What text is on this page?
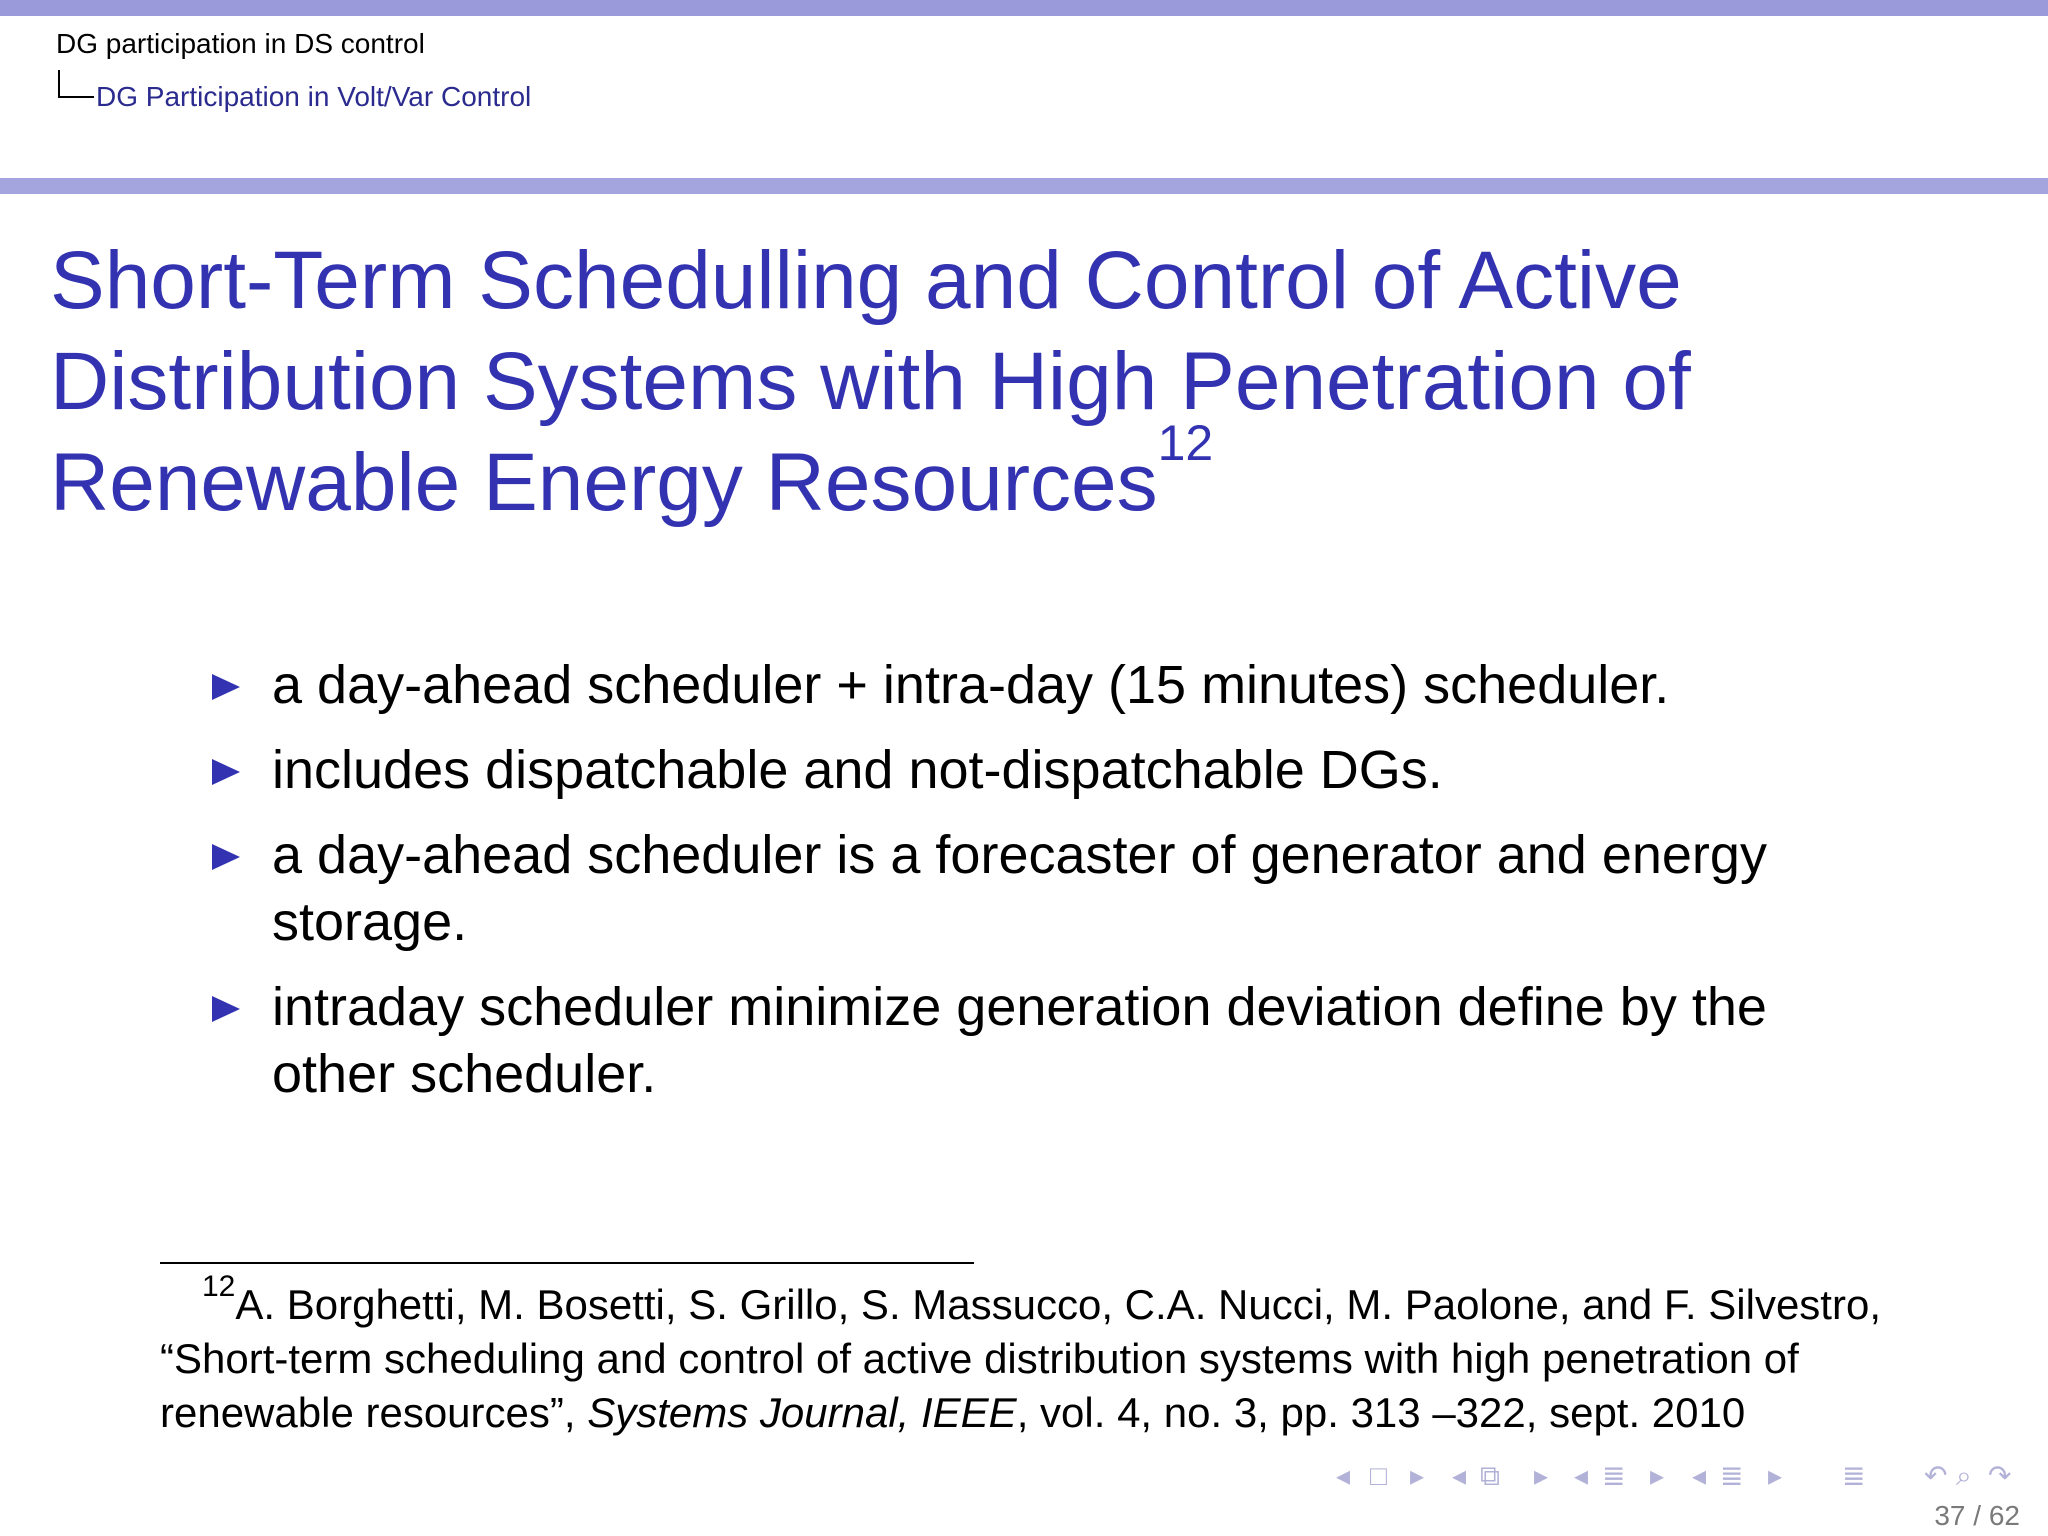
DG participation in DS control
DG Participation in Volt/Var Control
Short-Term Schedulling and Control of Active Distribution Systems with High Penetration of Renewable Energy Resources$^{12}$
a day-ahead scheduler + intra-day (15 minutes) scheduler.
includes dispatchable and not-dispatchable DGs.
a day-ahead scheduler is a forecaster of generator and energy storage.
intraday scheduler minimize generation deviation define by the other scheduler.
$^{12}$A. Borghetti, M. Bosetti, S. Grillo, S. Massucco, C.A. Nucci, M. Paolone, and F. Silvestro, “Short-term scheduling and control of active distribution systems with high penetration of renewable resources”, Systems Journal, IEEE, vol. 4, no. 3, pp. 313 –322, sept. 2010
◂ □ ▸ ◂ ⧉ ▸ ◂ ≣ ▸ ◂ ≣ ▸ ≣ ↶ ⌕ ↷
37 / 62
